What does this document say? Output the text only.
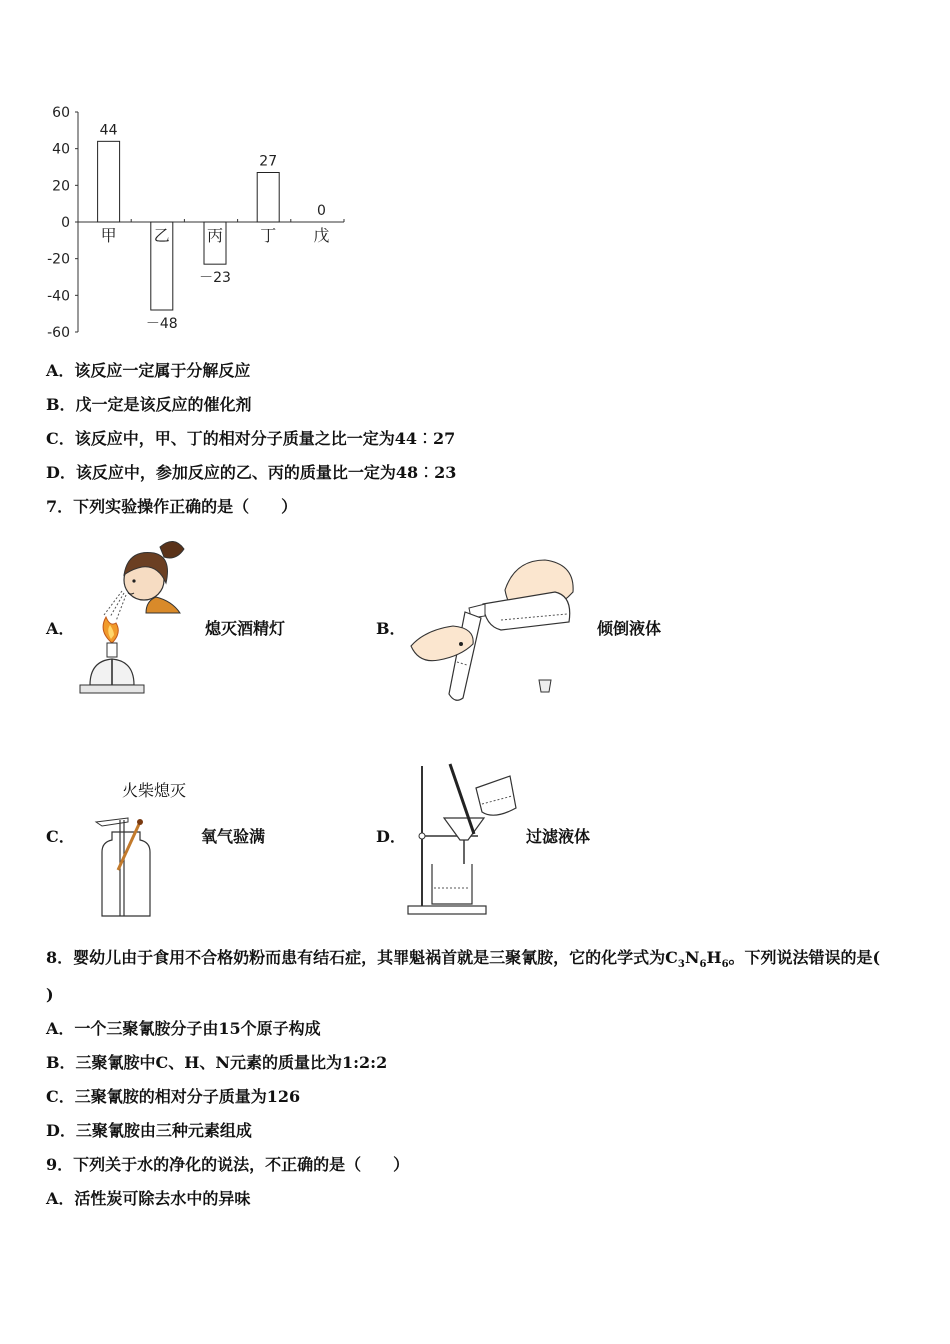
60
40
20
0
-20
-40
-60
甲
44
乙
－48
丙
－23
丁
27
戊
0
A．该反应一定属于分解反应
B．戊一定是该反应的催化剂
C．该反应中，甲、丁的相对分子质量之比一定为44︰27
D．该反应中，参加反应的乙、丙的质量比一定为48︰23
7．下列实验操作正确的是（　　）
A．	熄灭酒精灯	B．	倾倒液体
C．
火柴熄灭
氧气验满	D．	过滤液体
8．婴幼儿由于食用不合格奶粉而患有结石症，其罪魁祸首就是三聚氰胺，它的化学式为$C_3N_6H_6$。下列说法错误的是(
)
A．一个三聚氰胺分子由15个原子构成
B．三聚氰胺中C、H、N元素的质量比为1:2:2
C．三聚氰胺的相对分子质量为126
D．三聚氰胺由三种元素组成
9．下列关于水的净化的说法，不正确的是（　　）
A．活性炭可除去水中的异味
